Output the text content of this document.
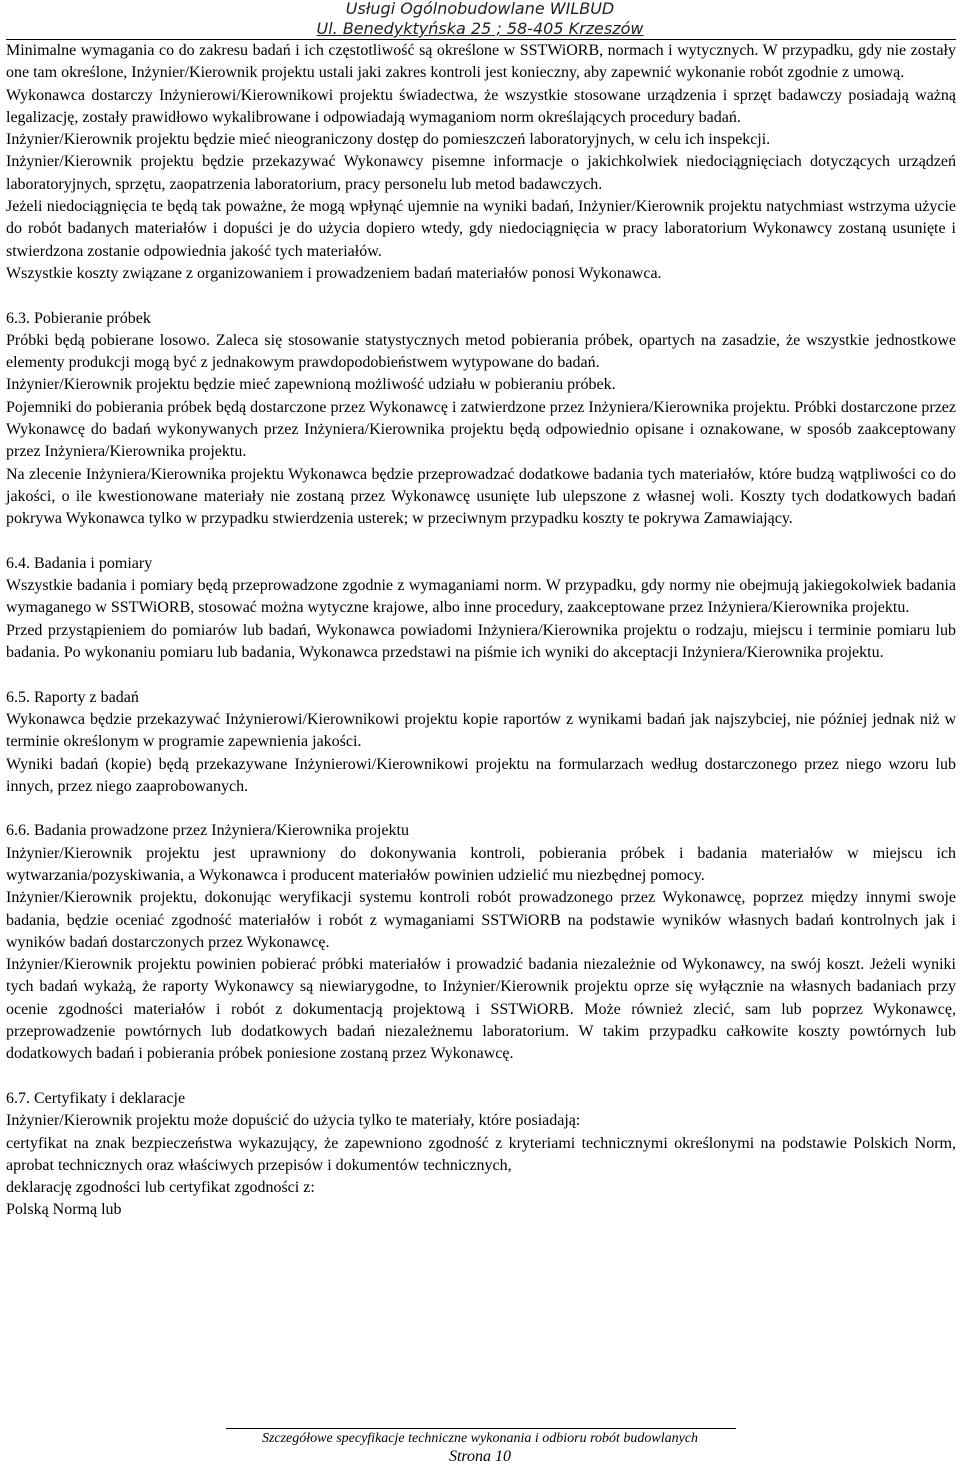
Usługi Ogólnobudowlane WILBUD
Ul. Benedyktyńska 25 ; 58-405 Krzeszów

Minimalne wymagania co do zakresu badań i ich częstotliwość są określone w SSTWiORB, normach i wytycznych. W przypadku, gdy nie zostały one tam określone, Inżynier/Kierownik projektu ustali jaki zakres kontroli jest konieczny, aby zapewnić wykonanie robót zgodnie z umową.

Wykonawca dostarczy Inżynierowi/Kierownikowi projektu świadectwa, że wszystkie stosowane urządzenia i sprzęt badawczy posiadają ważną legalizację, zostały prawidłowo wykalibrowane i odpowiadają wymaganiom norm określających procedury badań.

Inżynier/Kierownik projektu będzie mieć nieograniczony dostęp do pomieszczeń laboratoryjnych, w celu ich inspekcji.

Inżynier/Kierownik projektu będzie przekazywać Wykonawcy pisemne informacje o jakichkolwiek niedociągnięciach dotyczących urządzeń laboratoryjnych, sprzętu, zaopatrzenia laboratorium, pracy personelu lub metod badawczych.

Jeżeli niedociągnięcia te będą tak poważne, że mogą wpłynąć ujemnie na wyniki badań, Inżynier/Kierownik projektu natychmiast wstrzyma użycie do robót badanych materiałów i dopuści je do użycia dopiero wtedy, gdy niedociągnięcia w pracy laboratorium Wykonawcy zostaną usunięte i stwierdzona zostanie odpowiednia jakość tych materiałów.

Wszystkie koszty związane z organizowaniem i prowadzeniem badań materiałów ponosi Wykonawca.

6.3. Pobieranie próbek

Próbki będą pobierane losowo. Zaleca się stosowanie statystycznych metod pobierania próbek, opartych na zasadzie, że wszystkie jednostkowe elementy produkcji mogą być z jednakowym prawdopodobieństwem wytypowane do badań.

Inżynier/Kierownik projektu będzie mieć zapewnioną możliwość udziału w pobieraniu próbek.

Pojemniki do pobierania próbek będą dostarczone przez Wykonawcę i zatwierdzone przez Inżyniera/Kierownika projektu. Próbki dostarczone przez Wykonawcę do badań wykonywanych przez Inżyniera/Kierownika projektu będą odpowiednio opisane i oznakowane, w sposób zaakceptowany przez Inżyniera/Kierownika projektu.

Na zlecenie Inżyniera/Kierownika projektu Wykonawca będzie przeprowadzać dodatkowe badania tych materiałów, które budzą wątpliwości co do jakości, o ile kwestionowane materiały nie zostaną przez Wykonawcę usunięte lub ulepszone z własnej woli. Koszty tych dodatkowych badań pokrywa Wykonawca tylko w przypadku stwierdzenia usterek; w przeciwnym przypadku koszty te pokrywa Zamawiający.

6.4. Badania i pomiary

Wszystkie badania i pomiary będą przeprowadzone zgodnie z wymaganiami norm. W przypadku, gdy normy nie obejmują jakiegokolwiek badania wymaganego w SSTWiORB, stosować można wytyczne krajowe, albo inne procedury, zaakceptowane przez Inżyniera/Kierownika projektu.

Przed przystąpieniem do pomiarów lub badań, Wykonawca powiadomi Inżyniera/Kierownika projektu o rodzaju, miejscu i terminie pomiaru lub badania. Po wykonaniu pomiaru lub badania, Wykonawca przedstawi na piśmie ich wyniki do akceptacji Inżyniera/Kierownika projektu.

6.5. Raporty z badań

Wykonawca będzie przekazywać Inżynierowi/Kierownikowi projektu kopie raportów z wynikami badań jak najszybciej, nie później jednak niż w terminie określonym w programie zapewnienia jakości.

Wyniki badań (kopie) będą przekazywane Inżynierowi/Kierownikowi projektu na formularzach według dostarczonego przez niego wzoru lub innych, przez niego zaaprobowanych.

6.6. Badania prowadzone przez Inżyniera/Kierownika projektu

Inżynier/Kierownik projektu jest uprawniony do dokonywania kontroli, pobierania próbek i badania materiałów w miejscu ich wytwarzania/pozyskiwania, a Wykonawca i producent materiałów powinien udzielić mu niezbędnej pomocy.

Inżynier/Kierownik projektu, dokonując weryfikacji systemu kontroli robót prowadzonego przez Wykonawcę, poprzez między innymi swoje badania, będzie oceniać zgodność materiałów i robót z wymaganiami SSTWiORB na podstawie wyników własnych badań kontrolnych jak i wyników badań dostarczonych przez Wykonawcę.

Inżynier/Kierownik projektu powinien pobierać próbki materiałów i prowadzić badania niezależnie od Wykonawcy, na swój koszt. Jeżeli wyniki tych badań wykażą, że raporty Wykonawcy są niewiarygodne, to Inżynier/Kierownik projektu oprze się wyłącznie na własnych badaniach przy ocenie zgodności materiałów i robót z dokumentacją projektową i SSTWiORB. Może również zlecić, sam lub poprzez Wykonawcę, przeprowadzenie powtórnych lub dodatkowych badań niezależnemu laboratorium. W takim przypadku całkowite koszty powtórnych lub dodatkowych badań i pobierania próbek poniesione zostaną przez Wykonawcę.

6.7. Certyfikaty i deklaracje

Inżynier/Kierownik projektu może dopuścić do użycia tylko te materiały, które posiadają:

certyfikat na znak bezpieczeństwa wykazujący, że zapewniono zgodność z kryteriami technicznymi określonymi na podstawie Polskich Norm, aprobat technicznych oraz właściwych przepisów i dokumentów technicznych,

deklarację zgodności lub certyfikat zgodności z:

Polską Normą lub

Szczegółowe specyfikacje techniczne wykonania i odbioru robót budowlanych
Strona 10
